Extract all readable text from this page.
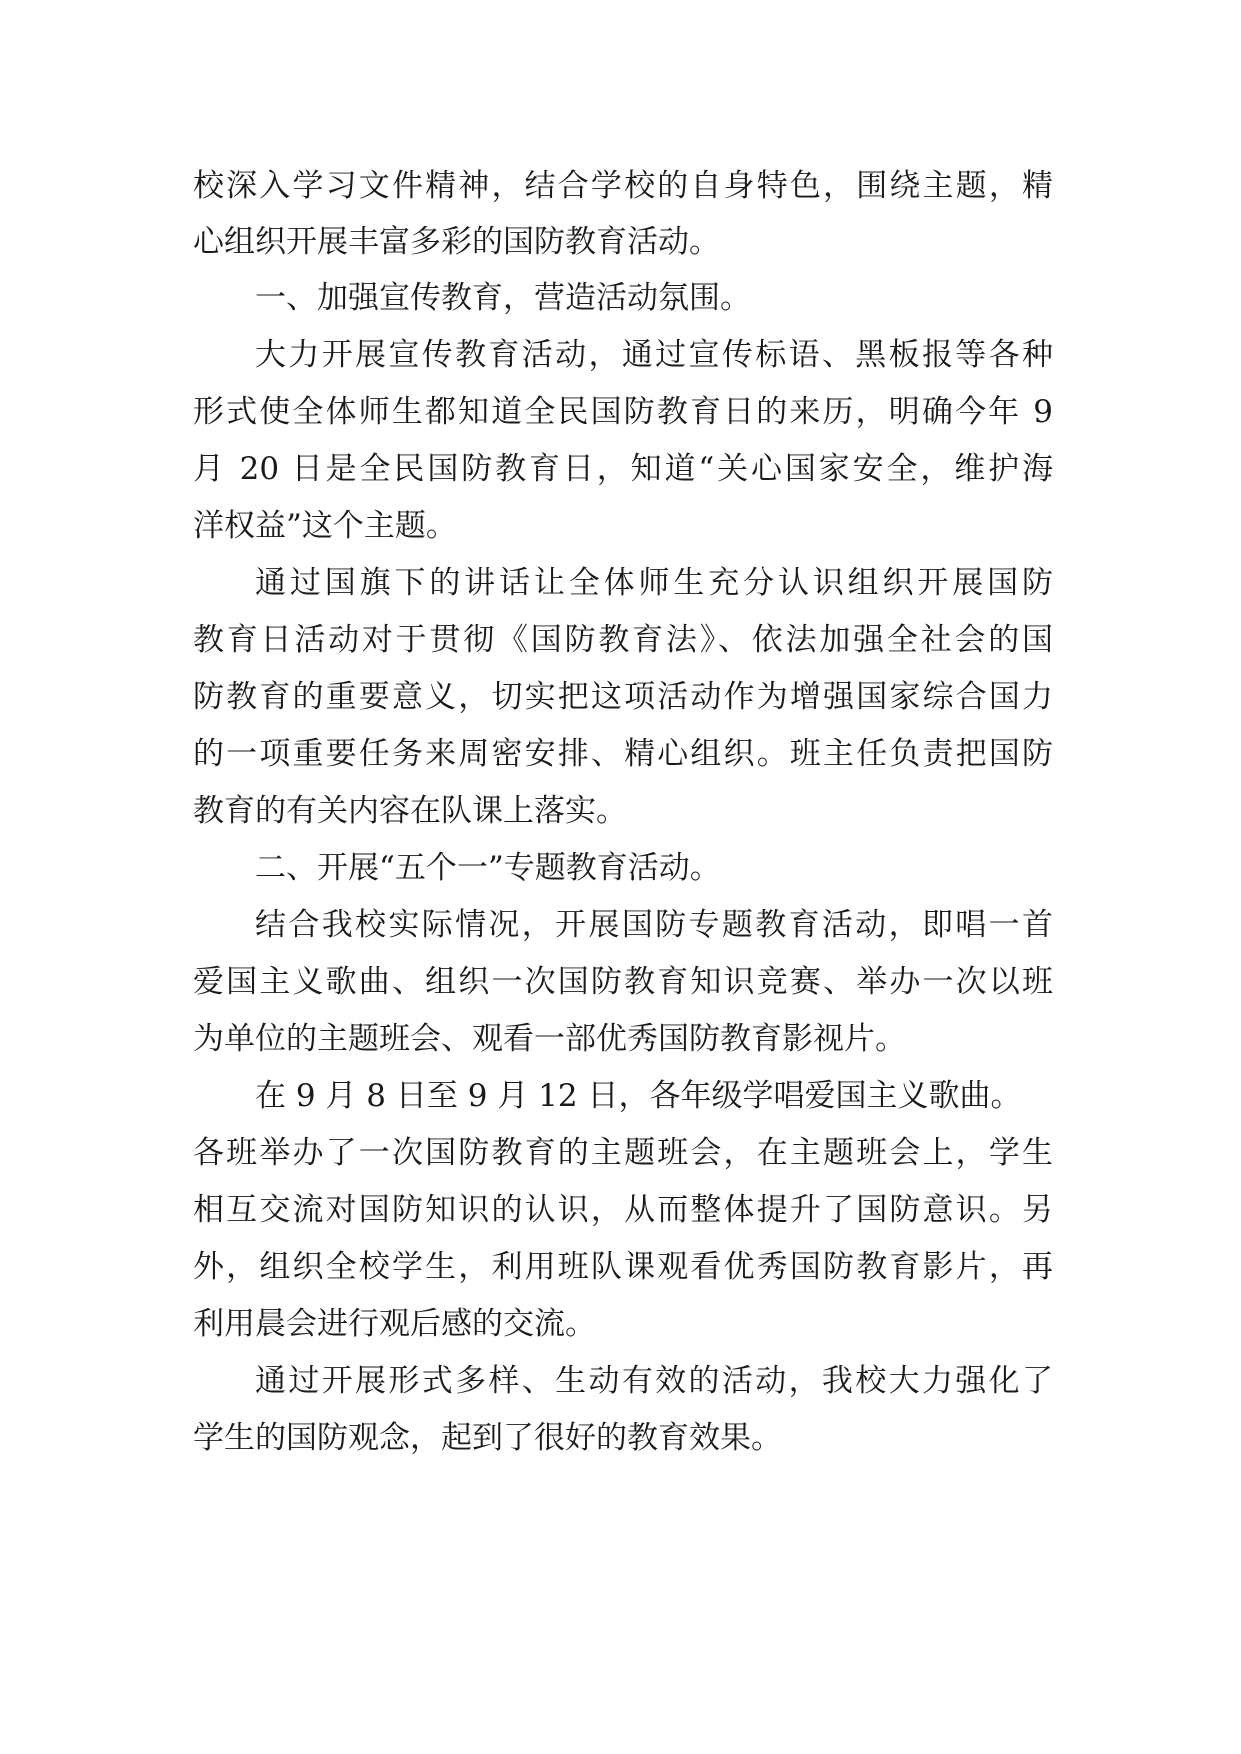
校深入学习文件精神，结合学校的自身特色，围绕主题，精
心组织开展丰富多彩的国防教育活动。
一、加强宣传教育，营造活动氛围。
大力开展宣传教育活动，通过宣传标语、黑板报等各种
形式使全体师生都知道全民国防教育日的来历，明确今年 9
月 20 日是全民国防教育日，知道“关心国家安全，维护海
洋权益”这个主题。
通过国旗下的讲话让全体师生充分认识组织开展国防
教育日活动对于贯彻《国防教育法》、依法加强全社会的国
防教育的重要意义，切实把这项活动作为增强国家综合国力
的一项重要任务来周密安排、精心组织。班主任负责把国防
教育的有关内容在队课上落实。
二、开展“五个一”专题教育活动。
结合我校实际情况，开展国防专题教育活动，即唱一首
爱国主义歌曲、组织一次国防教育知识竞赛、举办一次以班
为单位的主题班会、观看一部优秀国防教育影视片。
在 9 月 8 日至 9 月 12 日，各年级学唱爱国主义歌曲。
各班举办了一次国防教育的主题班会，在主题班会上，学生
相互交流对国防知识的认识，从而整体提升了国防意识。另
外，组织全校学生，利用班队课观看优秀国防教育影片，再
利用晨会进行观后感的交流。
通过开展形式多样、生动有效的活动，我校大力强化了
学生的国防观念，起到了很好的教育效果。
